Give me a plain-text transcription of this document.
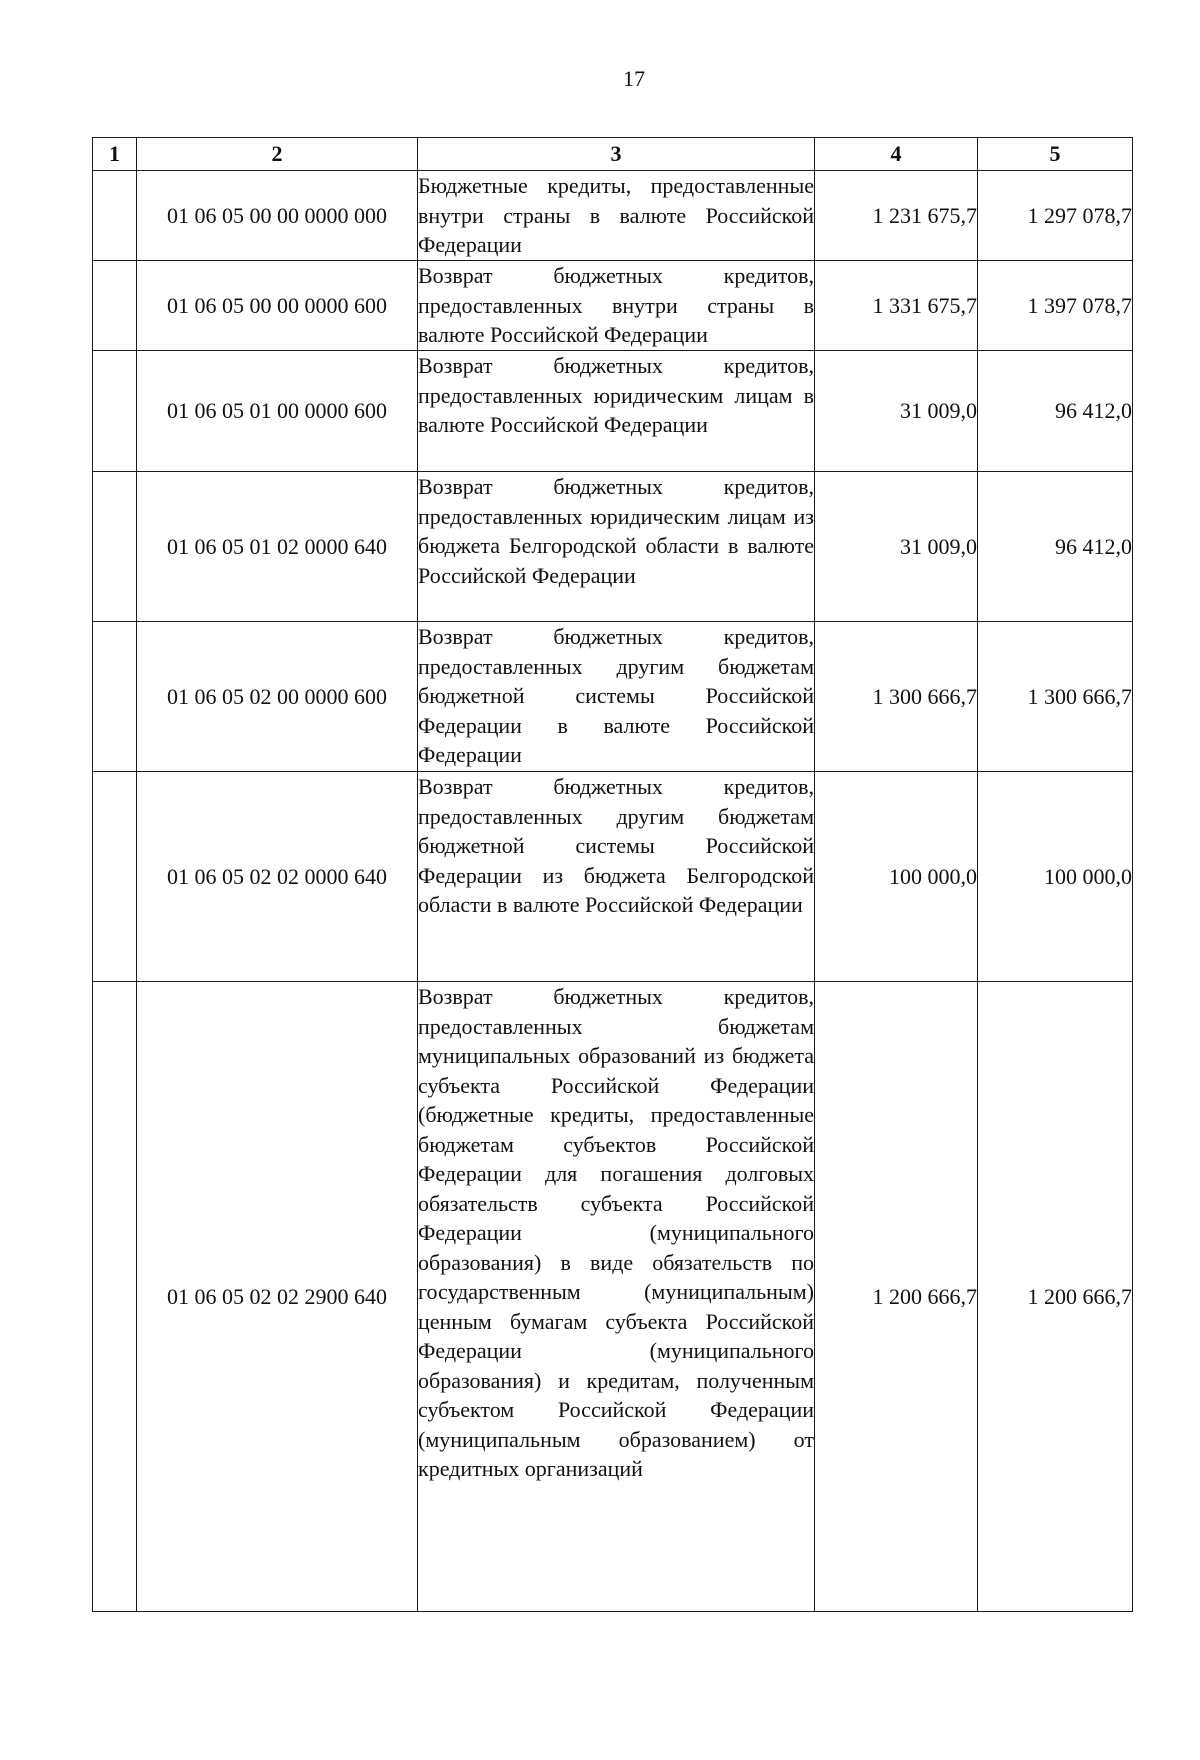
17
1	2	3	4	5
	01 06 05 00 00 0000 000	Бюджетные кредиты, предоставленные внутри страны в валюте Российской Федерации	1 231 675,7	1 297 078,7
	01 06 05 00 00 0000 600	Возврат бюджетных кредитов, предоставленных внутри страны в валюте Российской Федерации	1 331 675,7	1 397 078,7
	01 06 05 01 00 0000 600	Возврат бюджетных кредитов, предоставленных юридическим лицам в валюте Российской Федерации	31 009,0	96 412,0
	01 06 05 01 02 0000 640	Возврат бюджетных кредитов, предоставленных юридическим лицам из бюджета Белгородской области в валюте Российской Федерации	31 009,0	96 412,0
	01 06 05 02 00 0000 600	Возврат бюджетных кредитов, предоставленных другим бюджетам бюджетной системы Российской Федерации в валюте Российской Федерации	1 300 666,7	1 300 666,7
	01 06 05 02 02 0000 640	Возврат бюджетных кредитов, предоставленных другим бюджетам бюджетной системы Российской Федерации из бюджета Белгородской области в валюте Российской Федерации	100 000,0	100 000,0
	01 06 05 02 02 2900 640	Возврат бюджетных кредитов, предоставленных бюджетам муниципальных образований из бюджета субъекта Российской Федерации (бюджетные кредиты, предоставленные бюджетам субъектов Российской Федерации для погашения долговых обязательств субъекта Российской Федерации (муниципального образования) в виде обязательств по государственным (муниципальным) ценным бумагам субъекта Российской Федерации (муниципального образования) и кредитам, полученным субъектом Российской Федерации (муниципальным образованием) от кредитных организаций	1 200 666,7	1 200 666,7
